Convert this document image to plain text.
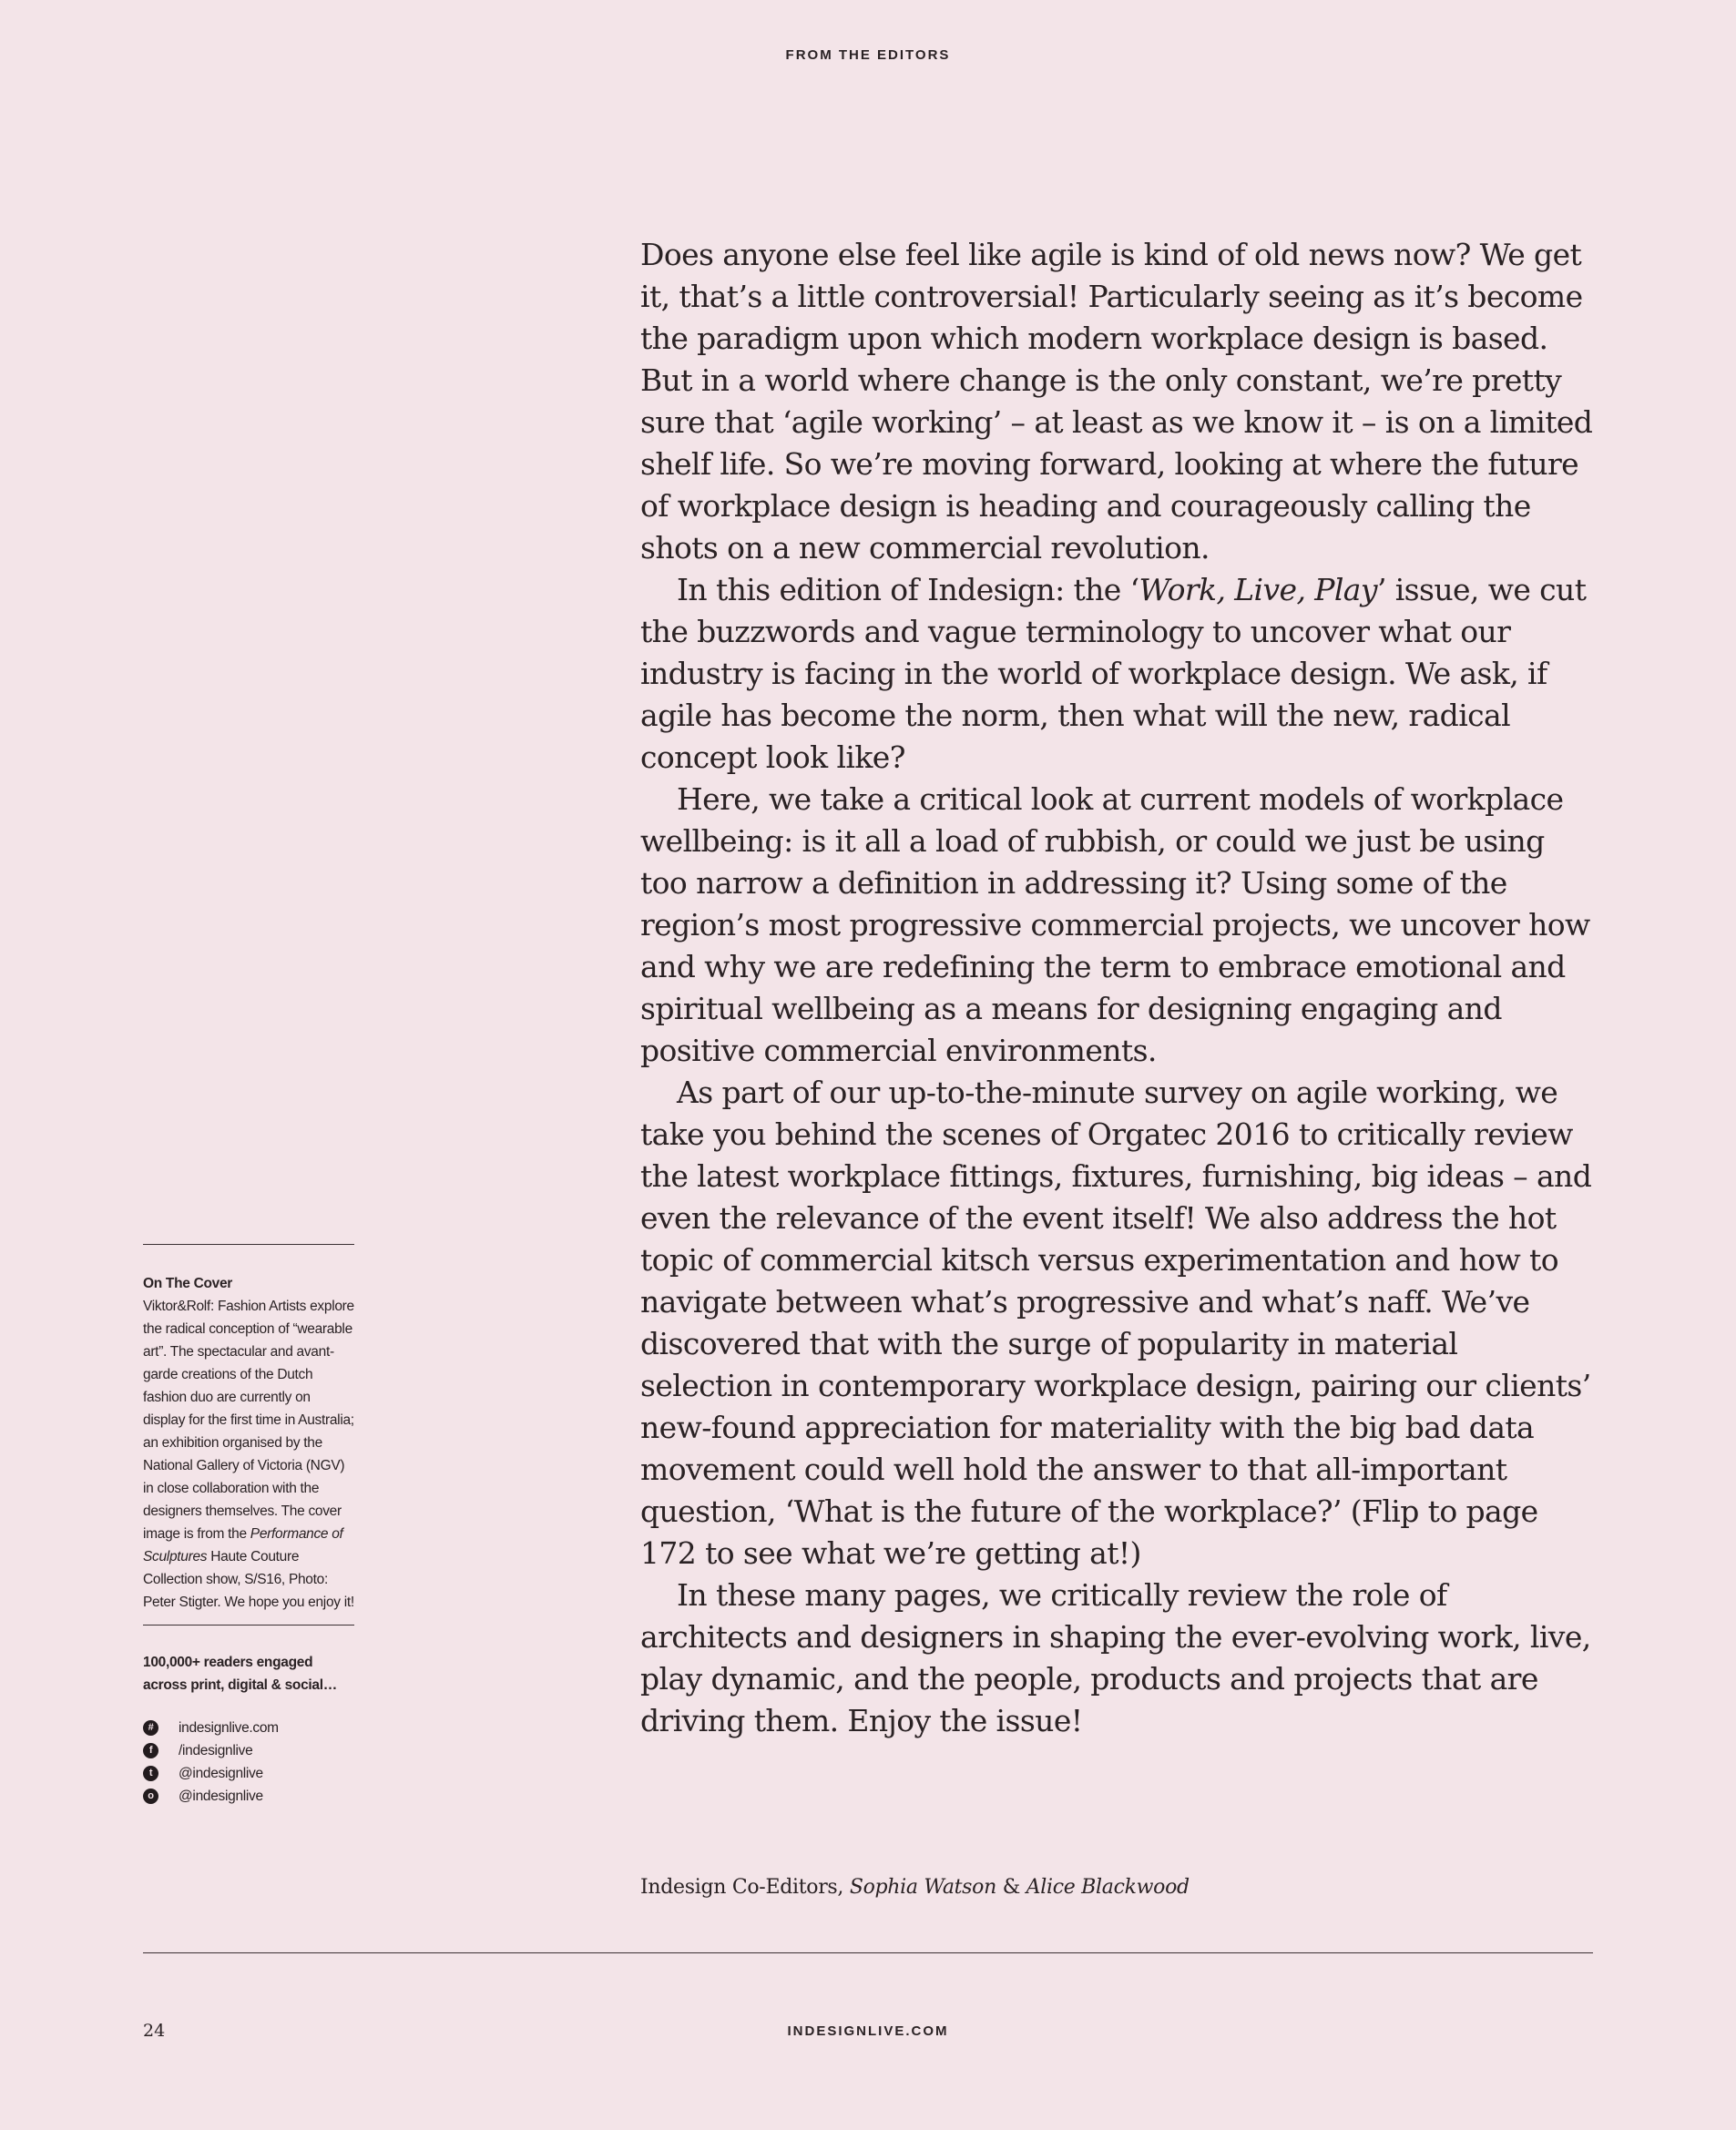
FROM THE EDITORS

Does anyone else feel like agile is kind of old news now? We get it, that’s a little controversial! Particularly seeing as it’s become the paradigm upon which modern workplace design is based. But in a world where change is the only constant, we’re pretty sure that ‘agile working’ – at least as we know it – is on a limited shelf life. So we’re moving forward, looking at where the future of workplace design is heading and courageously calling the shots on a new commercial revolution.

In this edition of Indesign: the ‘Work, Live, Play’ issue, we cut the buzzwords and vague terminology to uncover what our industry is facing in the world of workplace design. We ask, if agile has become the norm, then what will the new, radical concept look like?

Here, we take a critical look at current models of workplace wellbeing: is it all a load of rubbish, or could we just be using too narrow a definition in addressing it? Using some of the region’s most progressive commercial projects, we uncover how and why we are redefining the term to embrace emotional and spiritual wellbeing as a means for designing engaging and positive commercial environments.

As part of our up-to-the-minute survey on agile working, we take you behind the scenes of Orgatec 2016 to critically review the latest workplace fittings, fixtures, furnishing, big ideas – and even the relevance of the event itself! We also address the hot topic of commercial kitsch versus experimentation and how to navigate between what’s progressive and what’s naff. We’ve discovered that with the surge of popularity in material selection in contemporary workplace design, pairing our clients’ new-found appreciation for materiality with the big bad data movement could well hold the answer to that all-important question, ‘What is the future of the workplace?’ (Flip to page 172 to see what we’re getting at!)

In these many pages, we critically review the role of architects and designers in shaping the ever-evolving work, live, play dynamic, and the people, products and projects that are driving them. Enjoy the issue!

Indesign Co-Editors, Sophia Watson & Alice Blackwood
On The Cover
Viktor&Rolf: Fashion Artists explore the radical conception of “wearable art”. The spectacular and avant-garde creations of the Dutch fashion duo are currently on display for the first time in Australia; an exhibition organised by the National Gallery of Victoria (NGV) in close collaboration with the designers themselves. The cover image is from the Performance of Sculptures Haute Couture Collection show, S/S16, Photo: Peter Stigter. We hope you enjoy it!
100,000+ readers engaged across print, digital & social…
#	indesignlive.com
f	/indesignlive
t	@indesignlive
o	@indesignlive
24	INDESIGNLIVE.COM
